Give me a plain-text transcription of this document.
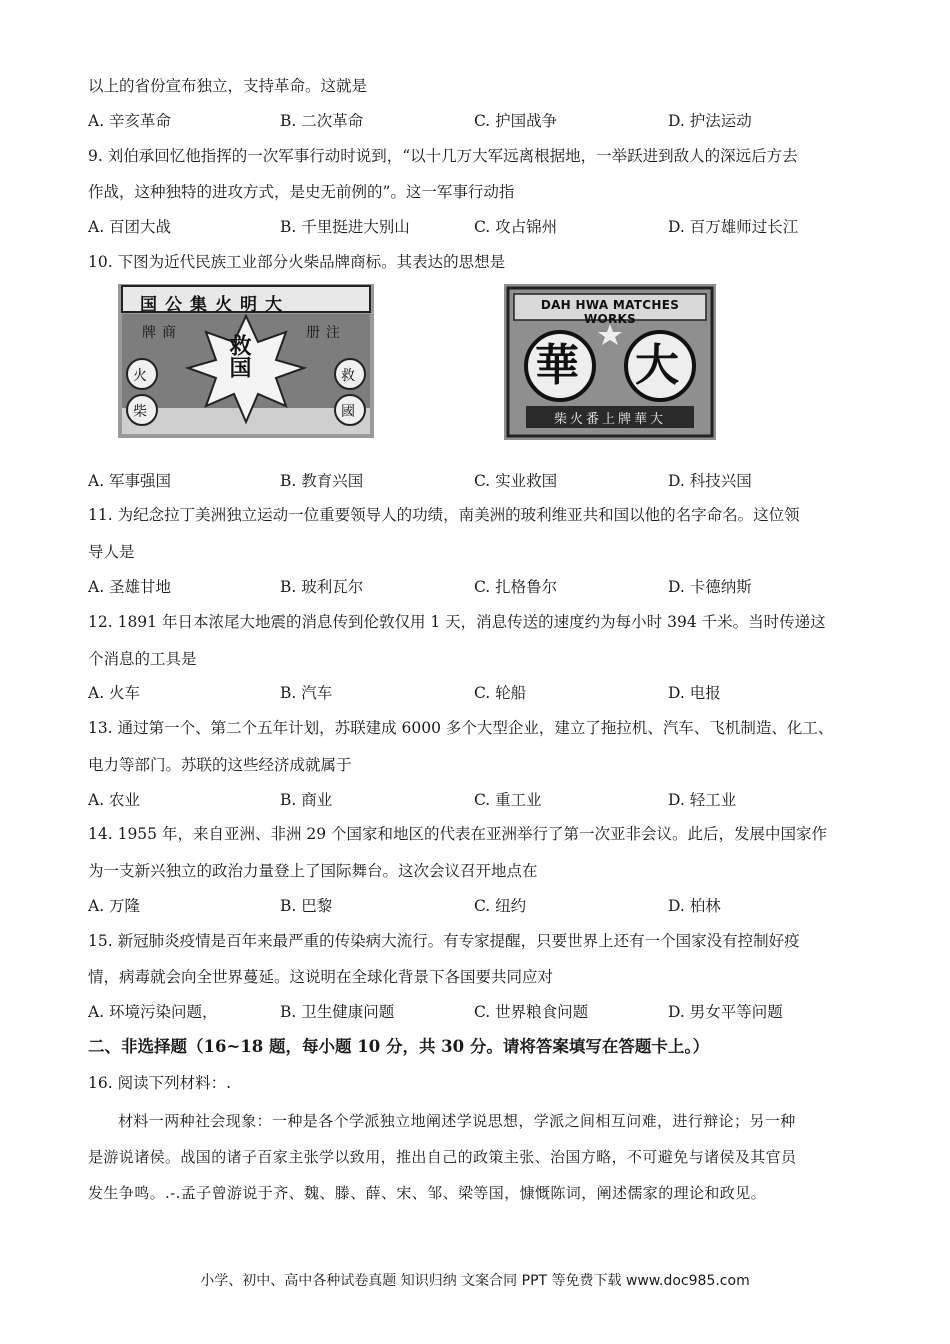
以上的省份宣布独立，支持革命。这就是
A. 辛亥革命	B. 二次革命	C. 护国战争	D. 护法运动
9. 刘伯承回忆他指挥的一次军事行动时说到，“以十几万大军远离根据地，一举跃进到敌人的深远后方去
作战，这种独特的进攻方式，是史无前例的”。这一军事行动指
A. 百团大战	B. 千里挺进大别山	C. 攻占锦州	D. 百万雄师过长江
10. 下图为近代民族工业部分火柴品牌商标。其表达的思想是
国公集火明大
牌商	册注
救国
火
柴
救
國
DAH HWA MATCHES WORKS
華 大
柴火番上牌華大
A. 军事强国	B. 教育兴国	C. 实业救国	D. 科技兴国
11. 为纪念拉丁美洲独立运动一位重要领导人的功绩，南美洲的玻利维亚共和国以他的名字命名。这位领
导人是
A. 圣雄甘地	B. 玻利瓦尔	C. 扎格鲁尔	D. 卡德纳斯
12. 1891 年日本浓尾大地震的消息传到伦敦仅用 1 天，消息传送的速度约为每小时 394 千米。当时传递这
个消息的工具是
A. 火车	B. 汽车	C. 轮船	D. 电报
13. 通过第一个、第二个五年计划，苏联建成 6000 多个大型企业，建立了拖拉机、汽车、飞机制造、化工、
电力等部门。苏联的这些经济成就属于
A. 农业	B. 商业	C. 重工业	D. 轻工业
14. 1955 年，来自亚洲、非洲 29 个国家和地区的代表在亚洲举行了第一次亚非会议。此后，发展中国家作
为一支新兴独立的政治力量登上了国际舞台。这次会议召开地点在
A. 万隆	B. 巴黎	C. 纽约	D. 柏林
15. 新冠肺炎疫情是百年来最严重的传染病大流行。有专家提醒，只要世界上还有一个国家没有控制好疫
情，病毒就会向全世界蔓延。这说明在全球化背景下各国要共同应对
A. 环境污染问题，	B. 卫生健康问题	C. 世界粮食问题	D. 男女平等问题
二、非选择题（16~18 题，每小题 10 分，共 30 分。请将答案填写在答题卡上。）
16. 阅读下列材料：.
材料一两种社会现象：一种是各个学派独立地阐述学说思想，学派之间相互问难，进行辩论；另一种
是游说诸侯。战国的诸子百家主张学以致用，推出自己的政策主张、治国方略，不可避免与诸侯及其官员
发生争鸣。.-.孟子曾游说于齐、魏、滕、薛、宋、邹、梁等国，慷慨陈词，阐述儒家的理论和政见。
小学、初中、高中各种试卷真题 知识归纳 文案合同 PPT 等免费下载 www.doc985.com
